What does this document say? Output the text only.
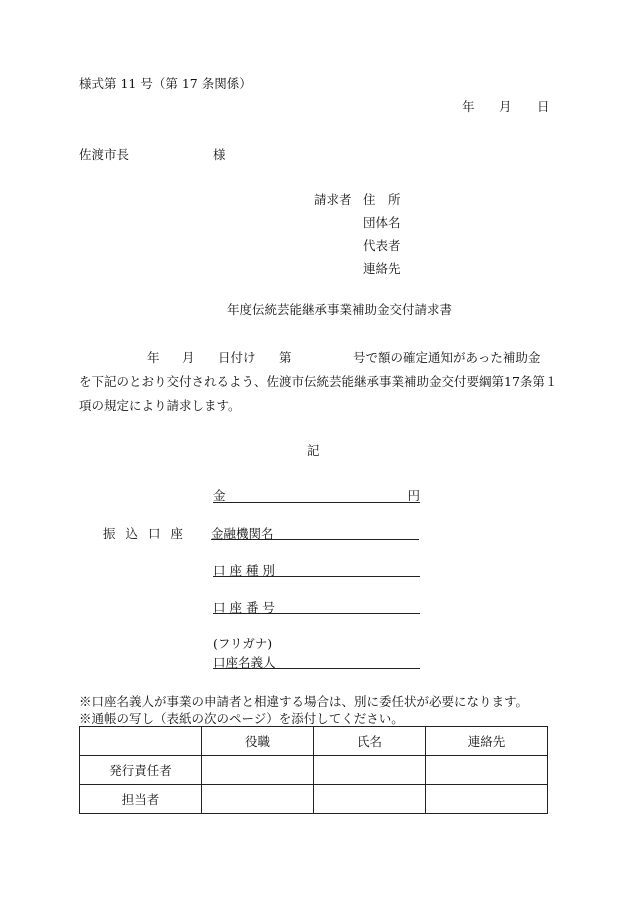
様式第 11 号（第 17 条関係）
年 月 日
佐渡市長	様
請求者 住　所
団体名
代表者
連絡先
年度伝統芸能継承事業補助金交付請求書
年 月 日付け 第	号で額の確定通知があった補助金
を下記のとおり交付されるよう、佐渡市伝統芸能継承事業補助金交付要綱第17条第１
項の規定により請求します。
記
金	円
振 込 口 座 金融機関名
口 座 種 別
口 座 番 号
(フリガナ)
口座名義人
※口座名義人が事業の申請者と相違する場合は、別に委任状が必要になります。
※通帳の写し（表紙の次のページ）を添付してください。
	役職	氏名	連絡先
発行責任者			
担当者			
